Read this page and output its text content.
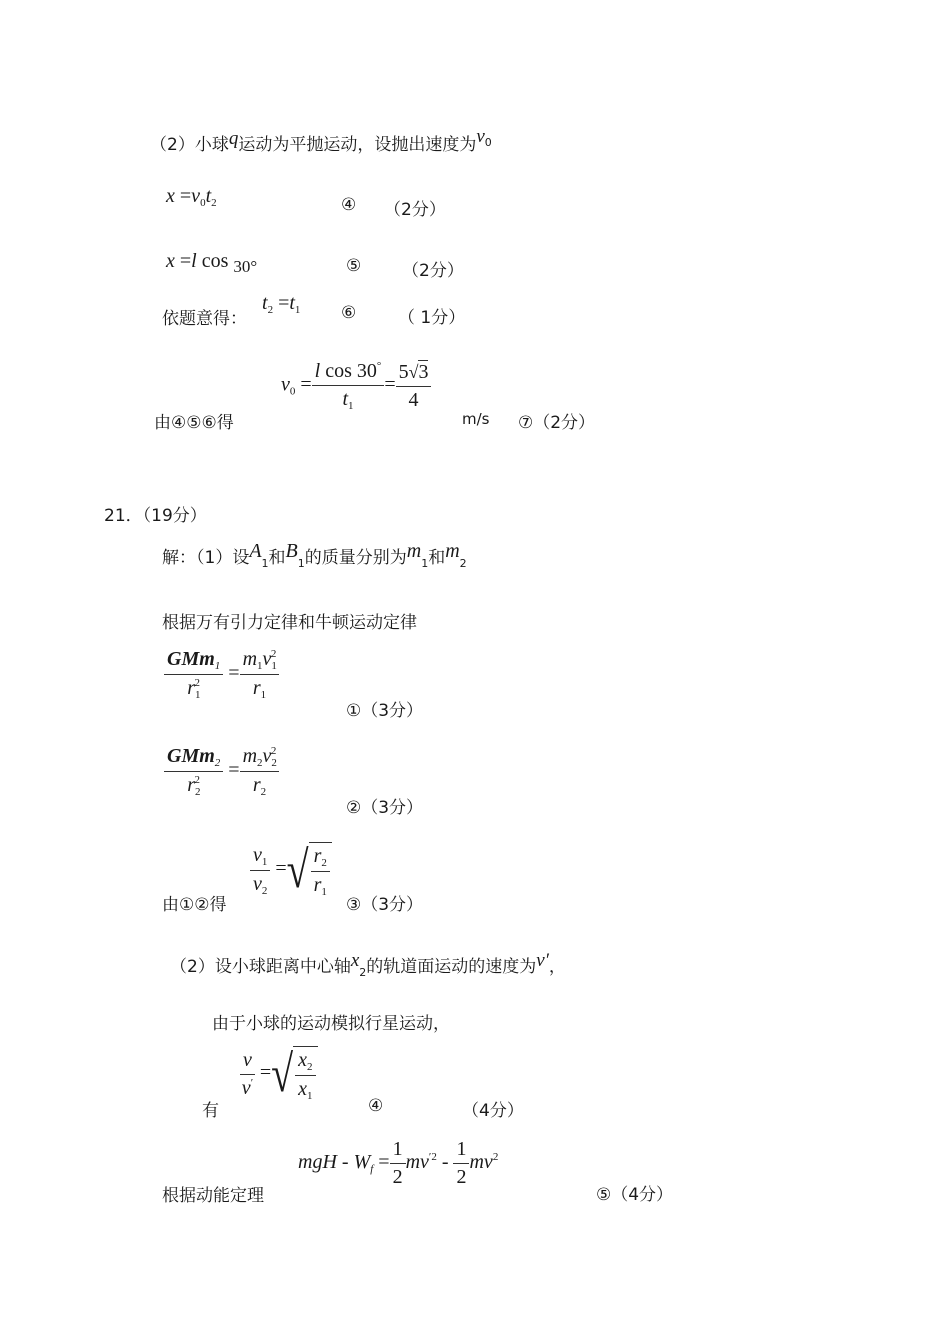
（2）小球q运动为平抛运动，设抛出速度为$v^0$
$x =v_0t_2$	④ （2分）
x =l cos $_{30^\circ}$	⑤ （2分）
依题意得：
$t_2 =t_1$ ⑥ （ 1分）
由④⑤⑥得
$v_0 = \frac{l \cos 30^\circ}{t_1} = \frac{5√3}{4}$
m/s ⑦（2分）
21．（19分）
解：（1）设$A_1$和$B_1$的质量分别为$m_1$和$m_2$
根据万有引力定律和牛顿运动定律
$\frac{GMm_1}{r_1^2} = \frac{m_1v_1^2}{r_1}$
①（3分）
$\frac{GMm_2}{r_2^2} = \frac{m_2v_2^2}{r_2}$
②（3分）
由①②得
$\frac{v_1}{v_2}$ =√ $\frac{r_2}{r_1}$
③（3分）
（2）设小球距离中心轴$x_2$的轨道面运动的速度为v′，
由于小球的运动模拟行星运动，
有
$\frac{v}{v'}$ =√ $\frac{x_2}{x_1}$
④	（4分）
根据动能定理
mgH - $W_f = \frac{1}{2} mv^{'2} - \frac{1}{2} mv^2$
⑤（4分）
